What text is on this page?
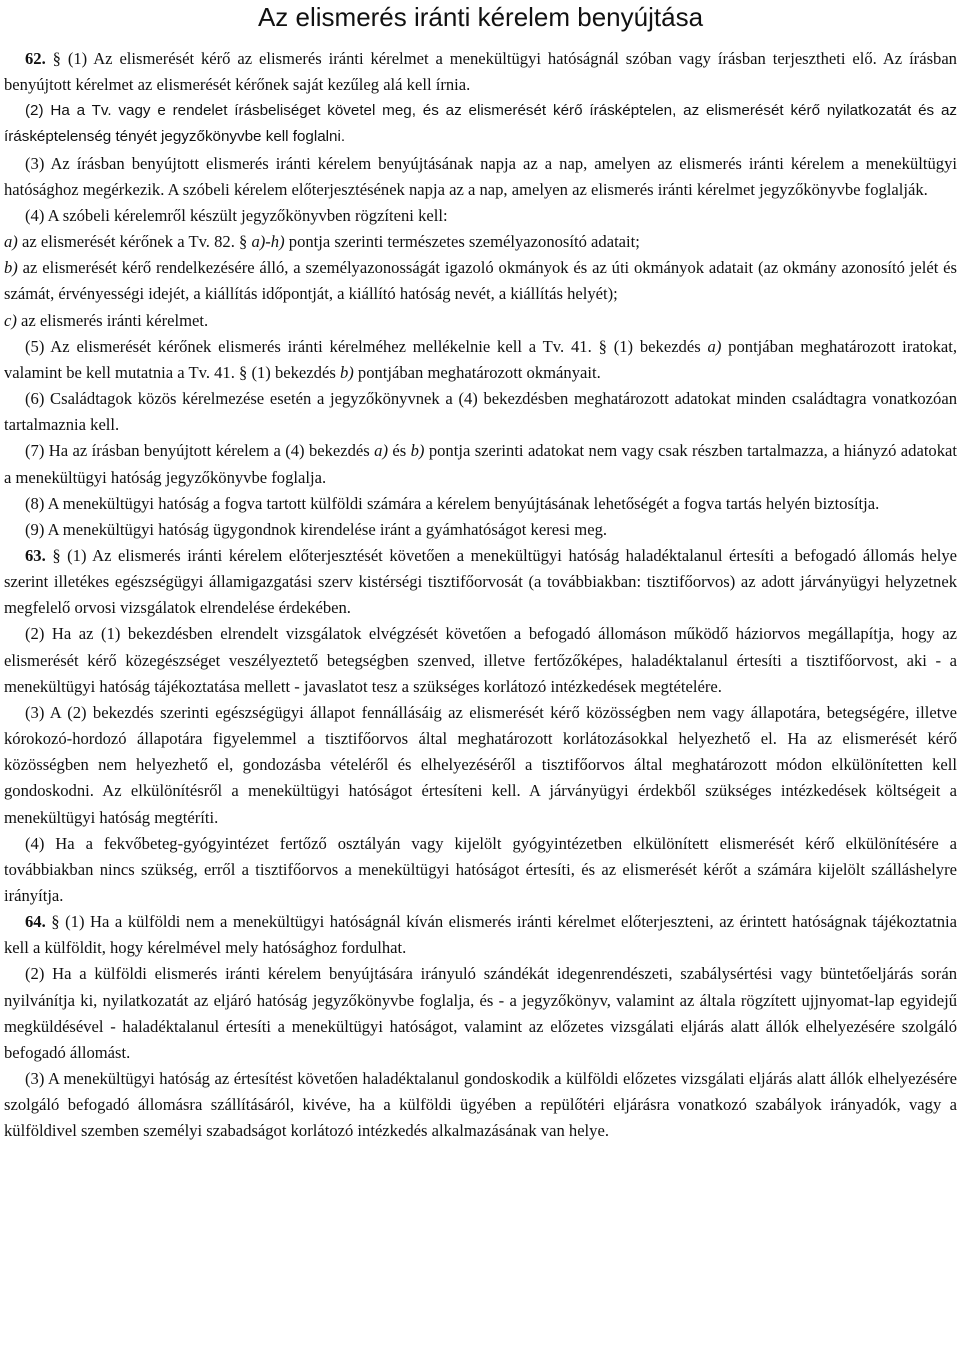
Az elismerés iránti kérelem benyújtása

62. § (1) Az elismerését kérő az elismerés iránti kérelmet a menekültügyi hatóságnál szóban vagy írásban terjesztheti elő. Az írásban benyújtott kérelmet az elismerését kérőnek saját kezűleg alá kell írnia.

(2) Ha a Tv. vagy e rendelet írásbeliséget követel meg, és az elismerését kérő írásképtelen, az elismerését kérő nyilatkozatát és az írásképtelenség tényét jegyzőkönyvbe kell foglalni.

(3) Az írásban benyújtott elismerés iránti kérelem benyújtásának napja az a nap, amelyen az elismerés iránti kérelem a menekültügyi hatósághoz megérkezik. A szóbeli kérelem előterjesztésének napja az a nap, amelyen az elismerés iránti kérelmet jegyzőkönyvbe foglalják.

(4) A szóbeli kérelemről készült jegyzőkönyvben rögzíteni kell:

a) az elismerését kérőnek a Tv. 82. § a)-h) pontja szerinti természetes személyazonosító adatait;

b) az elismerését kérő rendelkezésére álló, a személyazonosságát igazoló okmányok és az úti okmányok adatait (az okmány azonosító jelét és számát, érvényességi idejét, a kiállítás időpontját, a kiállító hatóság nevét, a kiállítás helyét);

c) az elismerés iránti kérelmet.

(5) Az elismerését kérőnek elismerés iránti kérelméhez mellékelnie kell a Tv. 41. § (1) bekezdés a) pontjában meghatározott iratokat, valamint be kell mutatnia a Tv. 41. § (1) bekezdés b) pontjában meghatározott okmányait.

(6) Családtagok közös kérelmezése esetén a jegyzőkönyvnek a (4) bekezdésben meghatározott adatokat minden családtagra vonatkozóan tartalmaznia kell.

(7) Ha az írásban benyújtott kérelem a (4) bekezdés a) és b) pontja szerinti adatokat nem vagy csak részben tartalmazza, a hiányzó adatokat a menekültügyi hatóság jegyzőkönyvbe foglalja.

(8) A menekültügyi hatóság a fogva tartott külföldi számára a kérelem benyújtásának lehetőségét a fogva tartás helyén biztosítja.

(9) A menekültügyi hatóság ügygondnok kirendelése iránt a gyámhatóságot keresi meg.

63. § (1) Az elismerés iránti kérelem előterjesztését követően a menekültügyi hatóság haladéktalanul értesíti a befogadó állomás helye szerint illetékes egészségügyi államigazgatási szerv kistérségi tisztifőorvosát (a továbbiakban: tisztifőorvos) az adott járványügyi helyzetnek megfelelő orvosi vizsgálatok elrendelése érdekében.

(2) Ha az (1) bekezdésben elrendelt vizsgálatok elvégzését követően a befogadó állomáson működő háziorvos megállapítja, hogy az elismerését kérő közegészséget veszélyeztető betegségben szenved, illetve fertőzőképes, haladéktalanul értesíti a tisztifőorvost, aki - a menekültügyi hatóság tájékoztatása mellett - javaslatot tesz a szükséges korlátozó intézkedések megtételére.

(3) A (2) bekezdés szerinti egészségügyi állapot fennállásáig az elismerését kérő közösségben nem vagy állapotára, betegségére, illetve kórokozó-hordozó állapotára figyelemmel a tisztifőorvos által meghatározott korlátozásokkal helyezhető el. Ha az elismerését kérő közösségben nem helyezhető el, gondozásba vételéről és elhelyezéséről a tisztifőorvos által meghatározott módon elkülönítetten kell gondoskodni. Az elkülönítésről a menekültügyi hatóságot értesíteni kell. A járványügyi érdekből szükséges intézkedések költségeit a menekültügyi hatóság megtéríti.

(4) Ha a fekvőbeteg-gyógyintézet fertőző osztályán vagy kijelölt gyógyintézetben elkülönített elismerését kérő elkülönítésére a továbbiakban nincs szükség, erről a tisztifőorvos a menekültügyi hatóságot értesíti, és az elismerését kérőt a számára kijelölt szálláshelyre irányítja.

64. § (1) Ha a külföldi nem a menekültügyi hatóságnál kíván elismerés iránti kérelmet előterjeszteni, az érintett hatóságnak tájékoztatnia kell a külföldit, hogy kérelmével mely hatósághoz fordulhat.

(2) Ha a külföldi elismerés iránti kérelem benyújtására irányuló szándékát idegenrendészeti, szabálysértési vagy büntetőeljárás során nyilvánítja ki, nyilatkozatát az eljáró hatóság jegyzőkönyvbe foglalja, és - a jegyzőkönyv, valamint az általa rögzített ujjnyomat-lap egyidejű megküldésével - haladéktalanul értesíti a menekültügyi hatóságot, valamint az előzetes vizsgálati eljárás alatt állók elhelyezésére szolgáló befogadó állomást.

(3) A menekültügyi hatóság az értesítést követően haladéktalanul gondoskodik a külföldi előzetes vizsgálati eljárás alatt állók elhelyezésére szolgáló befogadó állomásra szállításáról, kivéve, ha a külföldi ügyében a repülőtéri eljárásra vonatkozó szabályok irányadók, vagy a külföldivel szemben személyi szabadságot korlátozó intézkedés alkalmazásának van helye.
